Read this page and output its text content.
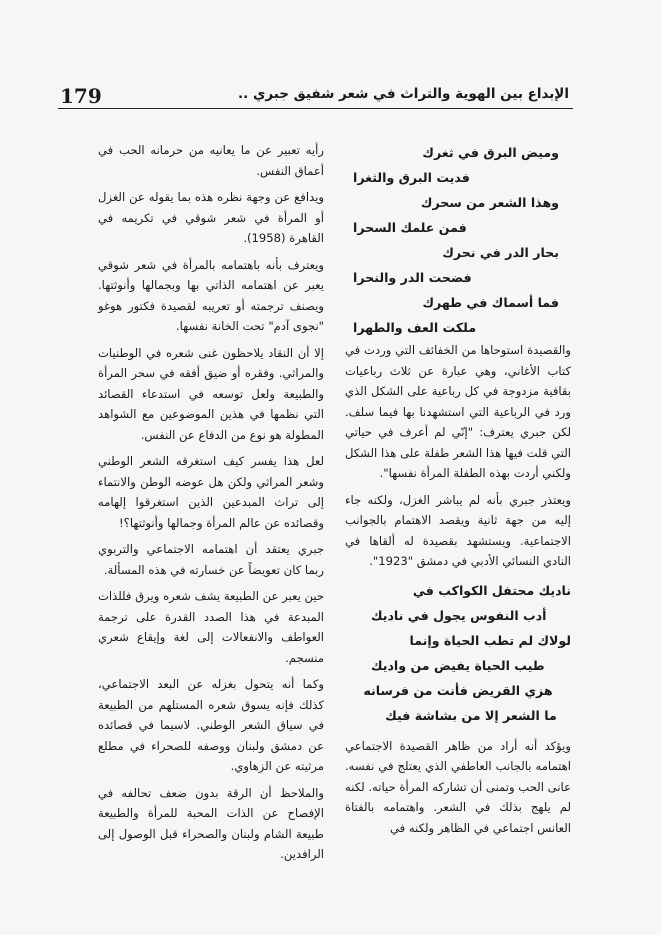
179	الإبداع بين الهوية والتراث في شعر شفيق جبري ..
وميض البرق في ثغرك
فديت البرق والثغرا
وهذا الشعر من سحرك
فمن علمك السحرا
بحار الدر في نحرك
فضحت الدر والنحرا
فما أسماك في طهرك
ملكت العف والطهرا

والقصيدة استوحاها من الخفائف التي وردت في كتاب الأغاني، وهي عبارة عن ثلاث رباعيات بقافية مزدوجة في كل رباعية على الشكل الذي ورد في الرباعية التي استشهدنا بها فيما سلف. لكن جبري يعترف: "إنّي لم أعرف في حياتي التي قلت فيها هذا الشعر طفلة على هذا الشكل ولكني أردت بهذه الطفلة المرأة نفسها".

ويعتذر جبري بأنه لم يباشر الغزل، ولكنه جاء إليه من جهة ثانية ويقصد الاهتمام بالجوانب الاجتماعية. ويستشهد بقصيدة له ألقاها في النادي النسائي الأدبي في دمشق "1923".

ناديك محتفل الكواكب في
أدب النفوس يجول في ناديك
لولاك لم تطب الحياة وإنما
طيب الحياة يفيض من واديك
هزي القريض فأنت من فرسانه
ما الشعر إلا من بشاشة فيك

ويؤكد أنه أراد من ظاهر القصيدة الاجتماعي اهتمامه بالجانب العاطفي الذي يعتلج في نفسه. عانى الحب وتمنى أن تشاركه المرأة حياته. لكنه لم يلهج بذلك في الشعر. واهتمامه بالفتاة العانس اجتماعي في الظاهر ولكنه في

رأيه تعبير عن ما يعانيه من حرمانه الحب في أعماق النفس.

ويدافع عن وجهة نظره هذه بما يقوله عن الغزل أو المرأة في شعر شوقي في تكريمه في القاهرة (1958).

ويعترف بأنه باهتمامه بالمرأة في شعر شوقي يعبر عن اهتمامه الذاتي بها وبجمالها وأنوثتها. ويصنف ترجمته أو تعريبه لقصيدة فكتور هوغو "نجوى آدم" تحت الخانة نفسها.

إلا أن النقاد يلاحظون غنى شعره في الوطنيات والمراثي. وفقره أو ضيق أفقه في سحر المرأة والطبيعة ولعل توسعه في استدعاء القصائد التي نظمها في هذين الموضوعين مع الشواهد المطولة هو نوع من الدفاع عن النفس.

لعل هذا يفسر كيف استغرقه الشعر الوطني وشعر المراثي ولكن هل عوضه الوطن والانتماء إلى تراث المبدعين الذين استغرقوا إلهامه وقصائده عن عالم المرأة وجمالها وأنوثتها؟!

جبري يعتقد أن اهتمامه الاجتماعي والتربوي ربما كان تعويضاً عن خسارته في هذه المسألة.

حين يعبر عن الطبيعة يشف شعره ويرق فللذات المبدعة في هذا الصدد القدرة على ترجمة العواطف والانفعالات إلى لغة وإيقاع شعري منسجم.

وكما أنه يتحول بغزله عن البعد الاجتماعي، كذلك فإنه يسوق شعره المستلهم من الطبيعة في سياق الشعر الوطني. لاسيما في قصائده عن دمشق ولبنان ووصفه للصحراء في مطلع مرثيته عن الزهاوي.

والملاحظ أن الرقة بدون ضعف تحالفه في الإفصاح عن الذات المحبة للمرأة والطبيعة طبيعة الشام ولبنان والصحراء قبل الوصول إلى الرافدين.
